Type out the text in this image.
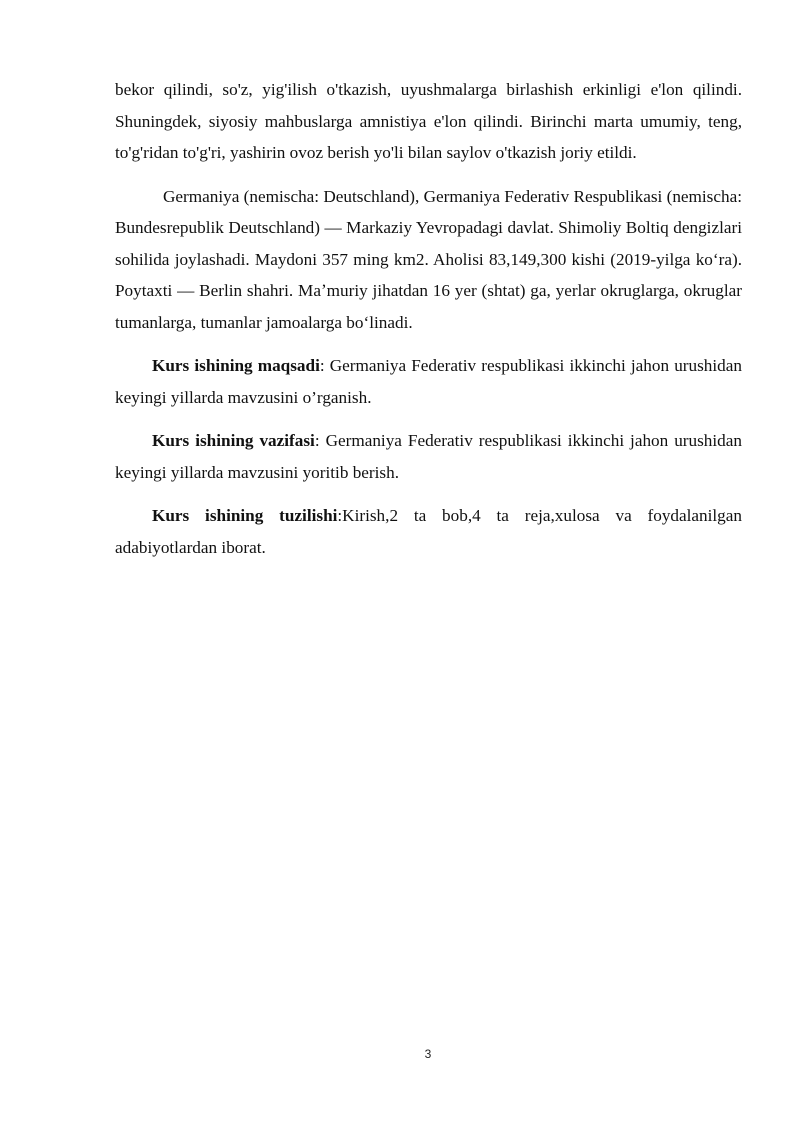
bekor qilindi, so'z, yig'ilish o'tkazish, uyushmalarga birlashish erkinligi e'lon qilindi. Shuningdek, siyosiy mahbuslarga amnistiya e'lon qilindi. Birinchi marta umumiy, teng, to'g'ridan to'g'ri, yashirin ovoz berish yo'li bilan saylov o'tkazish joriy etildi.

Germaniya (nemischa: Deutschland), Germaniya Federativ Respublikasi (nemischa: Bundesrepublik Deutschland) — Markaziy Yevropadagi davlat. Shimoliy Boltiq dengizlari sohilida joylashadi. Maydoni 357 ming km2. Aholisi 83,149,300 kishi (2019-yilga koʻra). Poytaxti — Berlin shahri. Maʼmuriy jihatdan 16 yer (shtat) ga, yerlar okruglarga, okruglar tumanlarga, tumanlar jamoalarga boʻlinadi.

Kurs ishining maqsadi: Germaniya Federativ respublikasi ikkinchi jahon urushidan keyingi yillarda mavzusini o’rganish.

Kurs ishining vazifasi: Germaniya Federativ respublikasi ikkinchi jahon urushidan keyingi yillarda mavzusini yoritib berish.

Kurs ishining tuzilishi:Kirish,2 ta bob,4 ta reja,xulosa va foydalanilgan adabiyotlardan iborat.

3
